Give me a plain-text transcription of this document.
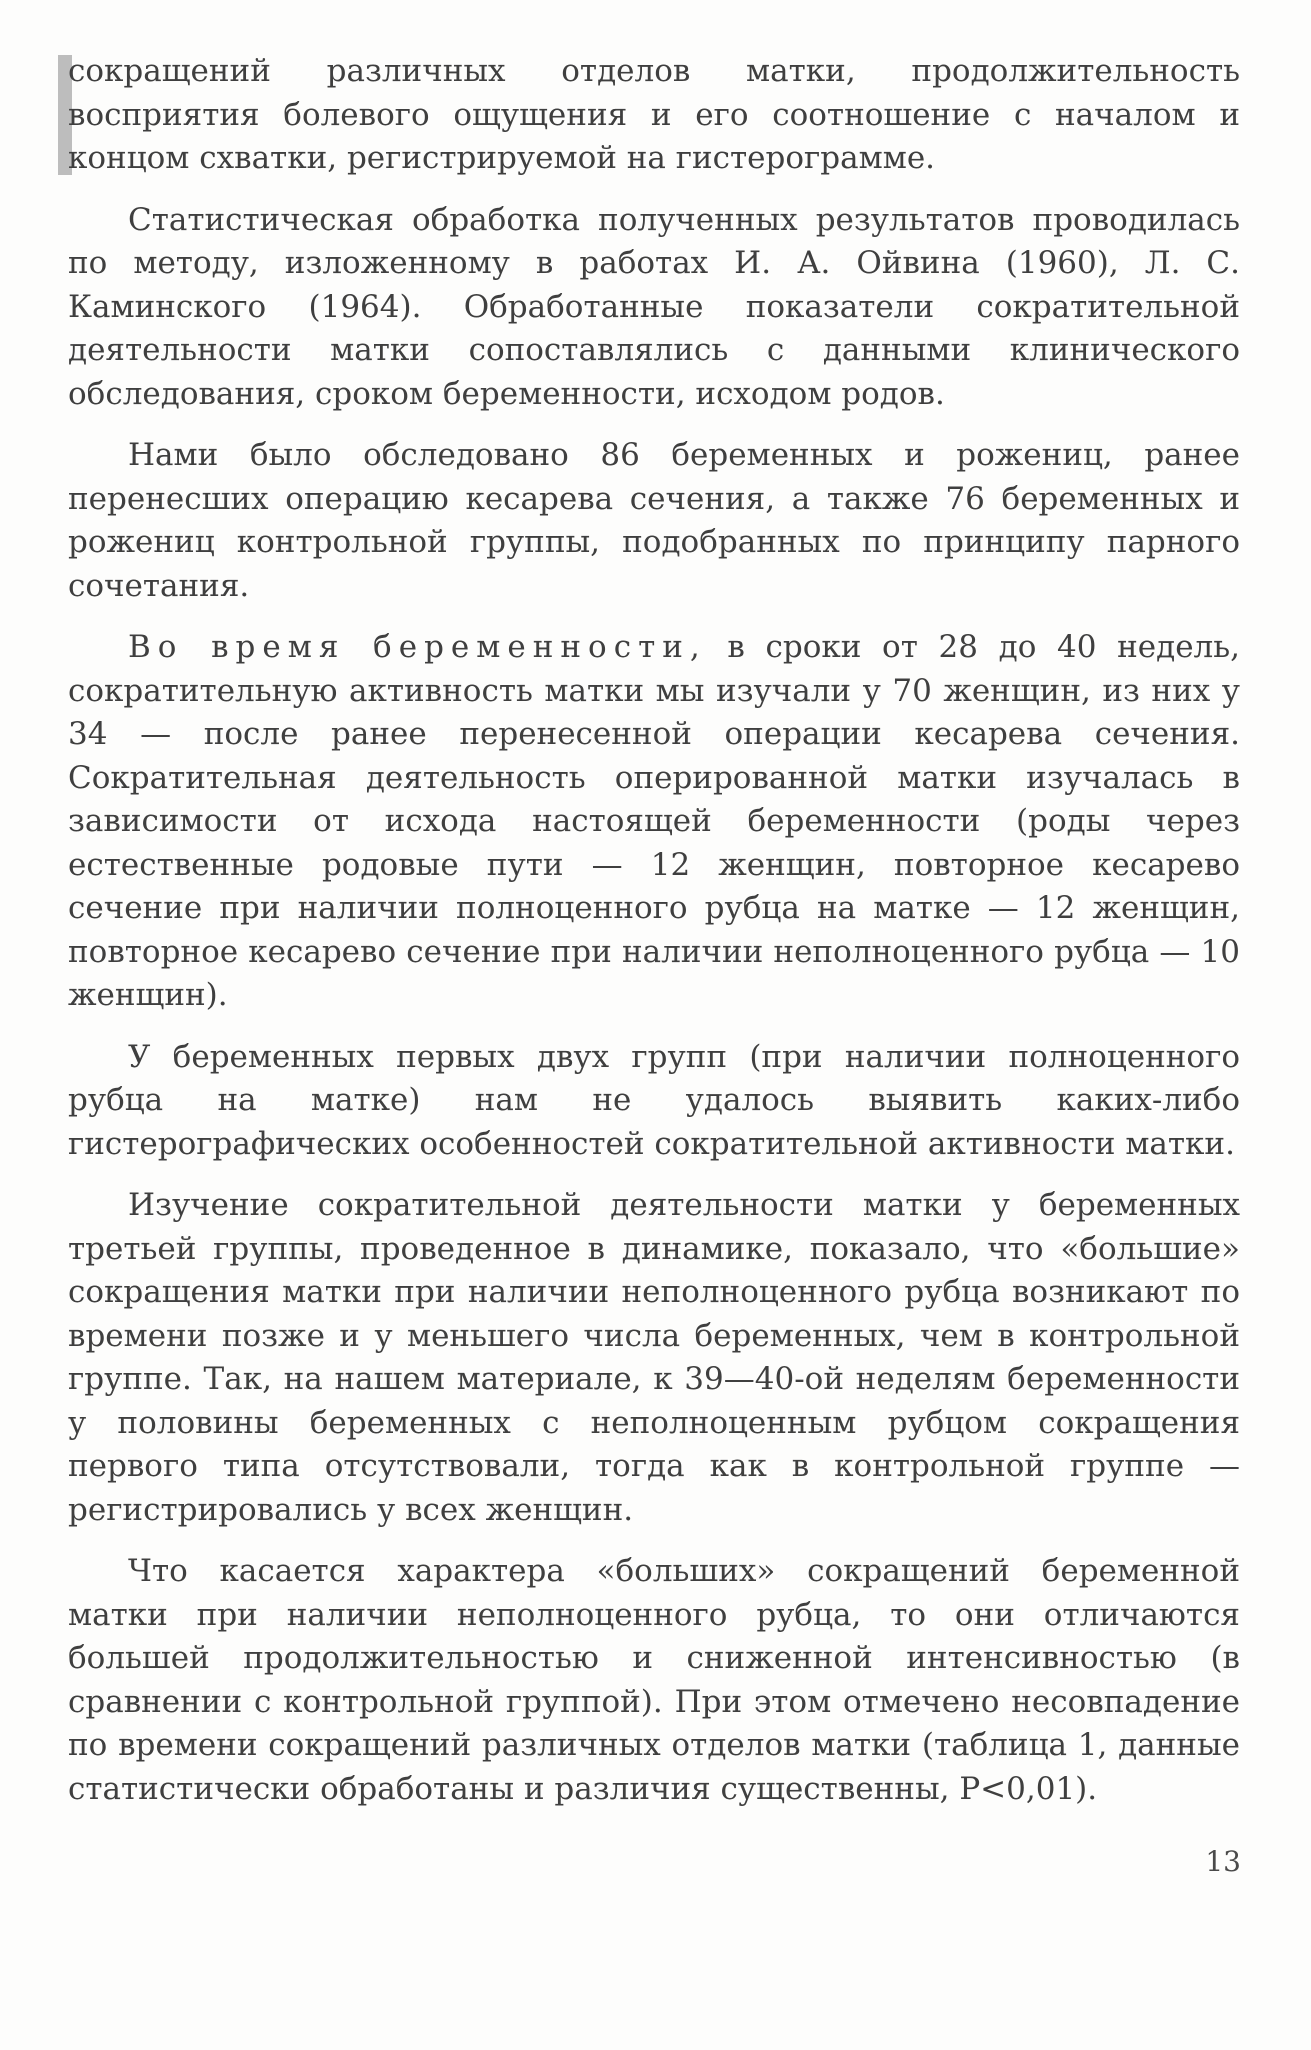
сокращений различных отделов матки, продолжительность восприятия болевого ощущения и его соотношение с началом и концом схватки, регистрируемой на гистерограмме.

Статистическая обработка полученных результатов проводилась по методу, изложенному в работах И. А. Ойвина (1960), Л. С. Каминского (1964). Обработанные показатели сократительной деятельности матки сопоставлялись с данными клинического обследования, сроком беременности, исходом родов.

Нами было обследовано 86 беременных и рожениц, ранее перенесших операцию кесарева сечения, а также 76 беременных и рожениц контрольной группы, подобранных по принципу парного сочетания.

Во время беременности, в сроки от 28 до 40 недель, сократительную активность матки мы изучали у 70 женщин, из них у 34 — после ранее перенесенной операции кесарева сечения. Сократительная деятельность оперированной матки изучалась в зависимости от исхода настоящей беременности (роды через естественные родовые пути — 12 женщин, повторное кесарево сечение при наличии полноценного рубца на матке — 12 женщин, повторное кесарево сечение при наличии неполноценного рубца — 10 женщин).

У беременных первых двух групп (при наличии полноценного рубца на матке) нам не удалось выявить каких-либо гистерографических особенностей сократительной активности матки.

Изучение сократительной деятельности матки у беременных третьей группы, проведенное в динамике, показало, что «большие» сокращения матки при наличии неполноценного рубца возникают по времени позже и у меньшего числа беременных, чем в контрольной группе. Так, на нашем материале, к 39—40-ой неделям беременности у половины беременных с неполноценным рубцом сокращения первого типа отсутствовали, тогда как в контрольной группе — регистрировались у всех женщин.

Что касается характера «больших» сокращений беременной матки при наличии неполноценного рубца, то они отличаются большей продолжительностью и сниженной интенсивностью (в сравнении с контрольной группой). При этом отмечено несовпадение по времени сокращений различных отделов матки (таблица 1, данные статистически обработаны и различия существенны, P<0,01).

13
